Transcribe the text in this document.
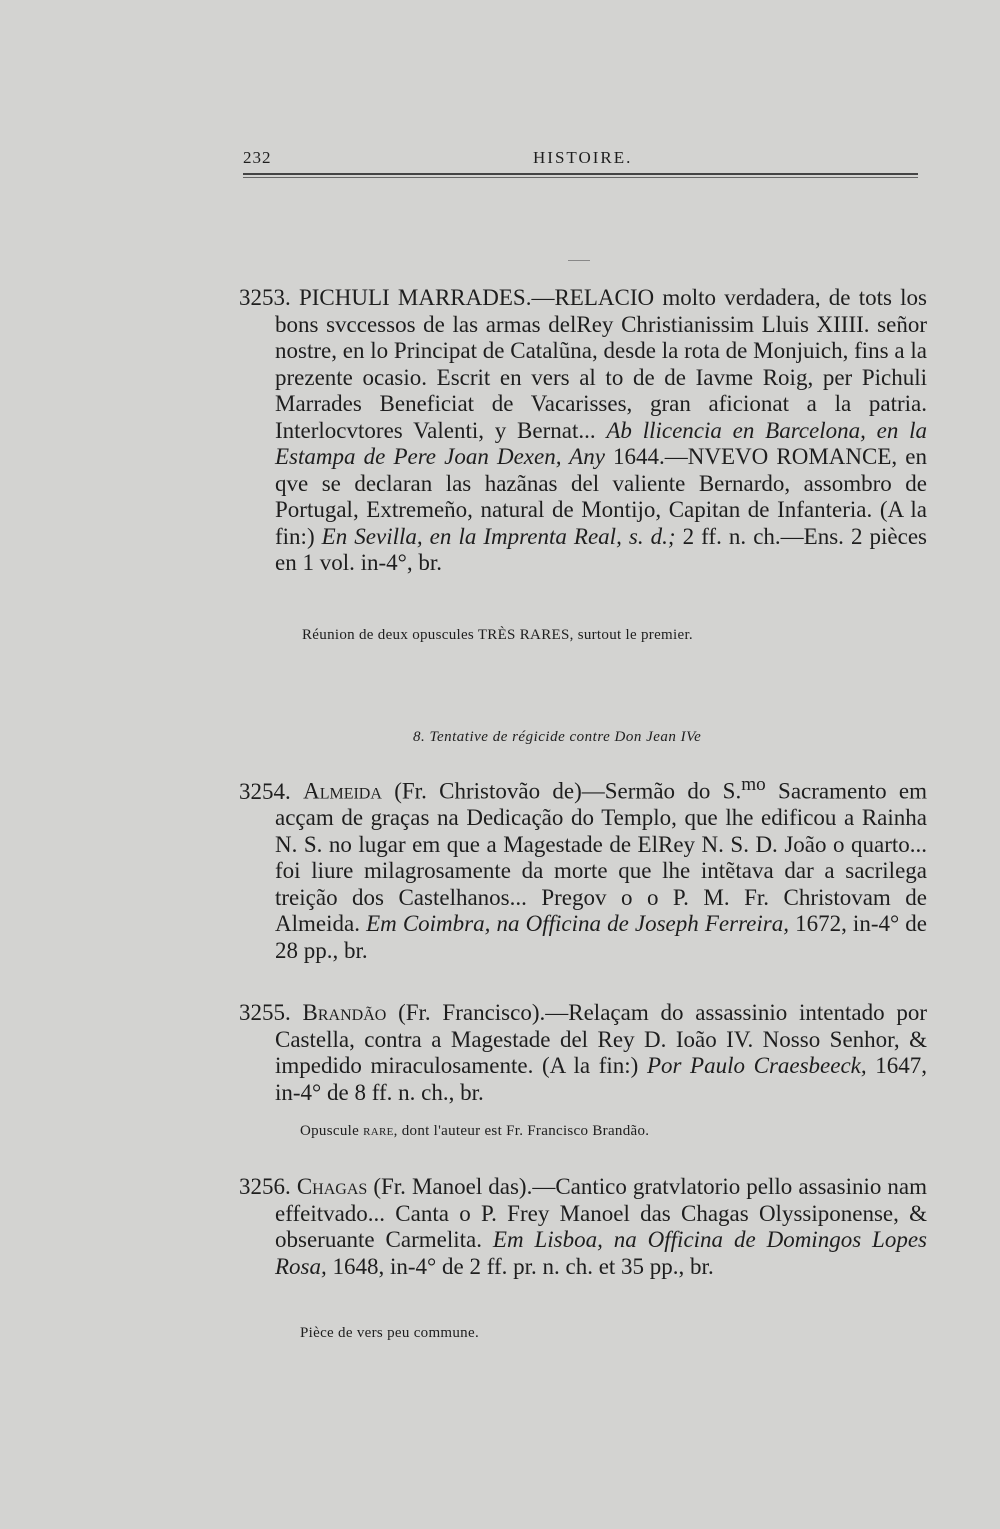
232	HISTOIRE.
3253. PICHULI MARRADES.—RELACIO molto verdadera, de tots los bons svccessos de las armas delRey Christianissim Lluis XIIII. señor nostre, en lo Principat de Catalũna, desde la rota de Monjuich, fins a la prezente ocasio. Escrit en vers al to de de Iavme Roig, per Pichuli Marrades Beneficiat de Vacarisses, gran aficionat a la patria. Interlocvtores Valenti, y Bernat... Ab llicencia en Barcelona, en la Estampa de Pere Joan Dexen, Any 1644.—NVEVO ROMANCE, en qve se declaran las hazãnas del valiente Bernardo, assombro de Portugal, Extremeño, natural de Montijo, Capitan de Infanteria. (A la fin:) En Sevilla, en la Imprenta Real, s. d.; 2 ff. n. ch.—Ens. 2 pièces en 1 vol. in-4°, br.
Réunion de deux opuscules TRÈS RARES, surtout le premier.
8. Tentative de régicide contre Don Jean IVe
3254. Almeida (Fr. Christovão de)—Sermão do S.$^{mo}$ Sacramento em acçam de graças na Dedicação do Templo, que lhe edificou a Rainha N. S. no lugar em que a Magestade de ElRey N. S. D. João o quarto... foi liure milagrosamente da morte que lhe intẽtava dar a sacrilega treição dos Castelhanos... Pregov o o P. M. Fr. Christovam de Almeida. Em Coimbra, na Officina de Joseph Ferreira, 1672, in-4° de 28 pp., br.
3255. Brandão (Fr. Francisco).—Relaçam do assassinio intentado por Castella, contra a Magestade del Rey D. Ioão IV. Nosso Senhor, & impedido miraculosamente. (A la fin:) Por Paulo Craesbeeck, 1647, in-4° de 8 ff. n. ch., br.
Opuscule rare, dont l'auteur est Fr. Francisco Brandão.
3256. Chagas (Fr. Manoel das).—Cantico gratvlatorio pello assasinio nam effeitvado... Canta o P. Frey Manoel das Chagas Olyssiponense, & obseruante Carmelita. Em Lisboa, na Officina de Domingos Lopes Rosa, 1648, in-4° de 2 ff. pr. n. ch. et 35 pp., br.
Pièce de vers peu commune.
